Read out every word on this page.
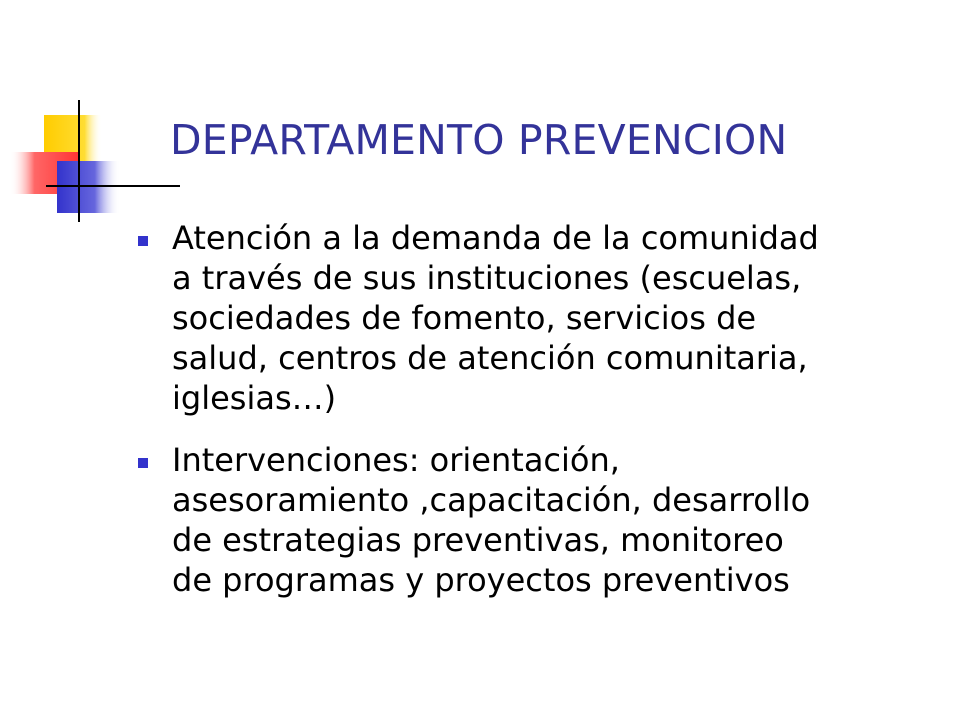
DEPARTAMENTO PREVENCION
Atención a la demanda de la comunidad
a través de sus instituciones (escuelas,
sociedades de fomento, servicios de
salud, centros de atención comunitaria,
iglesias…)
Intervenciones: orientación,
asesoramiento ,capacitación, desarrollo
de estrategias preventivas, monitoreo
de programas y proyectos preventivos
